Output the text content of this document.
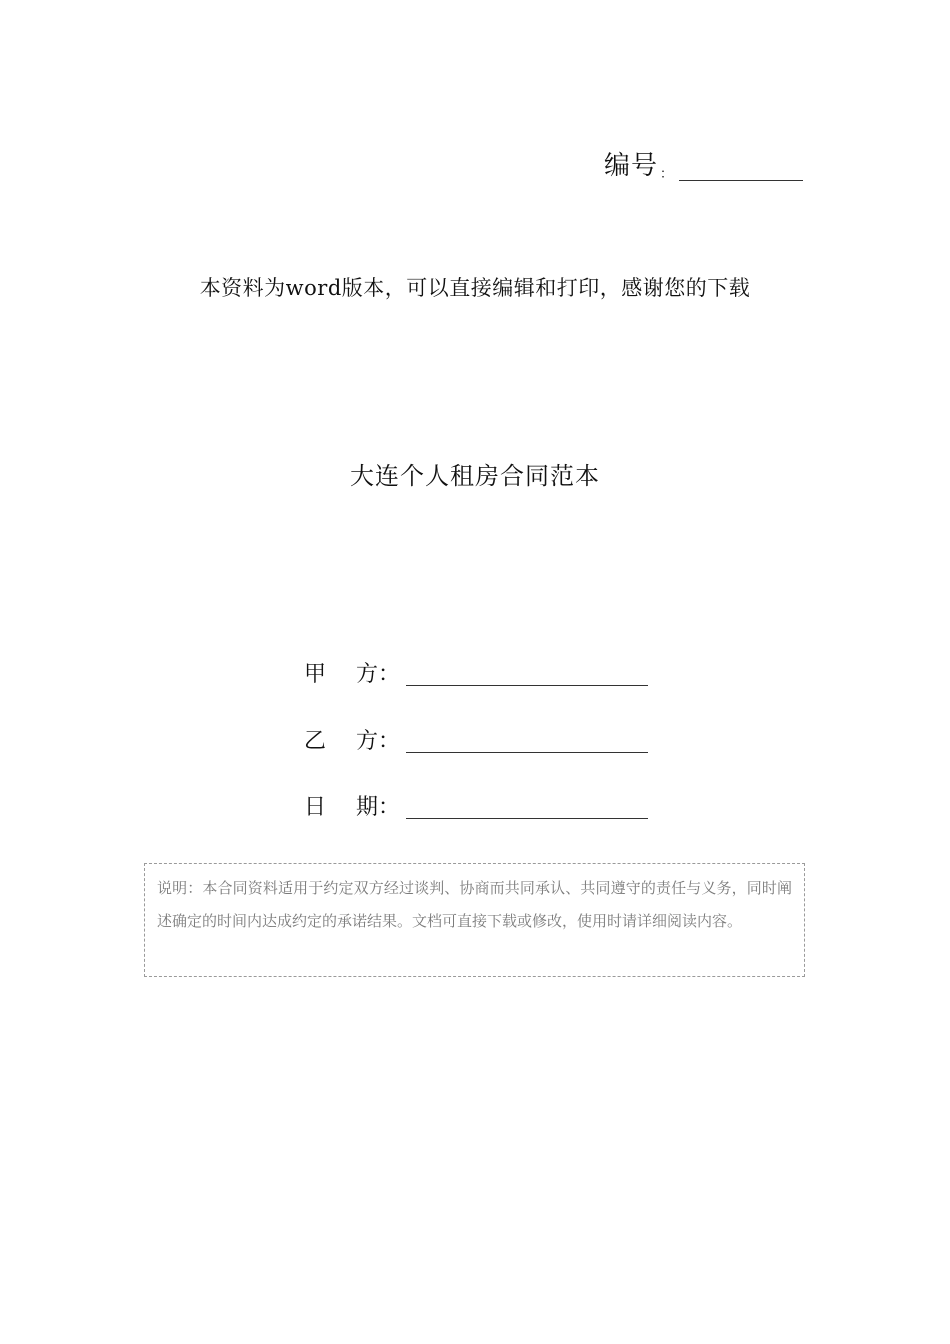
编号 ：
本资料为word版本，可以直接编辑和打印，感谢您的下载
大连个人租房合同范本
甲 方：
乙 方：
日 期：
说明：本合同资料适用于约定双方经过谈判、协商而共同承认、共同遵守的责任与义务，同时阐述确定的时间内达成约定的承诺结果。文档可直接下载或修改，使用时请详细阅读内容。
